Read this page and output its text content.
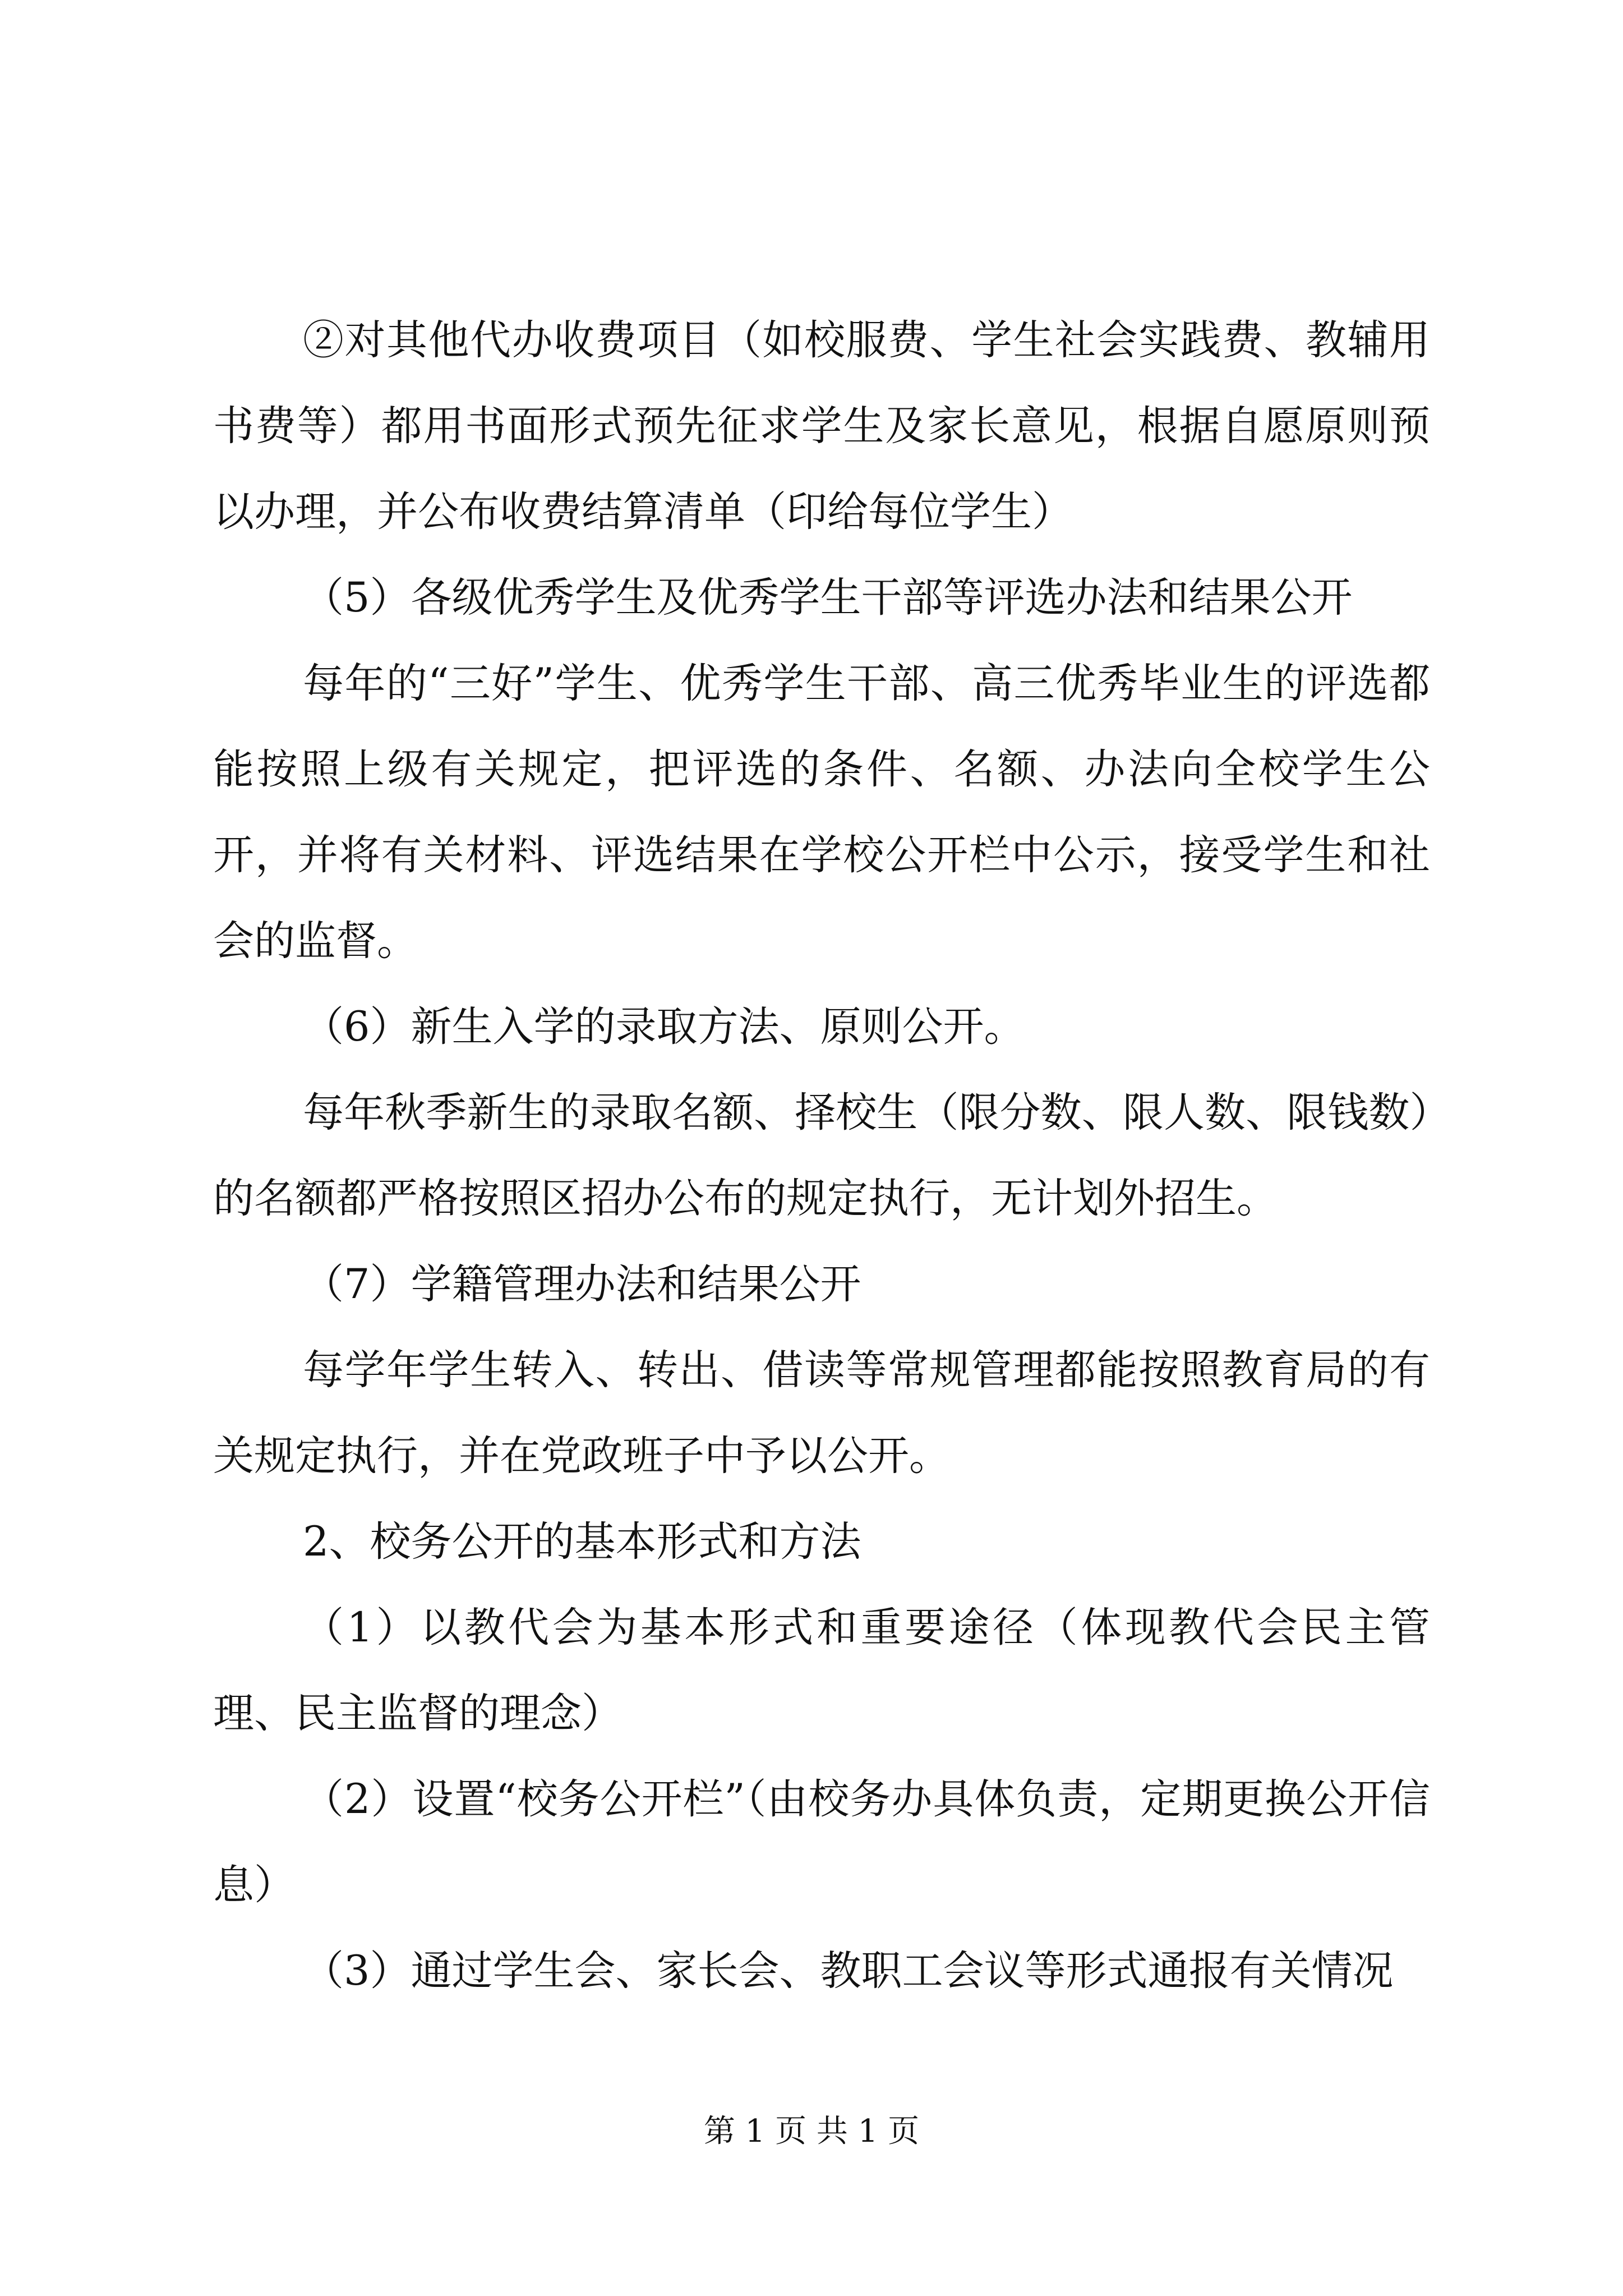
②对其他代办收费项目（如校服费、学生社会实践费、教辅用书费等）都用书面形式预先征求学生及家长意见，根据自愿原则预以办理，并公布收费结算清单（印给每位学生）

（5）各级优秀学生及优秀学生干部等评选办法和结果公开

每年的“三好”学生、优秀学生干部、高三优秀毕业生的评选都能按照上级有关规定，把评选的条件、名额、办法向全校学生公开，并将有关材料、评选结果在学校公开栏中公示，接受学生和社会的监督。

（6）新生入学的录取方法、原则公开。

每年秋季新生的录取名额、择校生（限分数、限人数、限钱数）的名额都严格按照区招办公布的规定执行，无计划外招生。

（7）学籍管理办法和结果公开

每学年学生转入、转出、借读等常规管理都能按照教育局的有关规定执行，并在党政班子中予以公开。

2、校务公开的基本形式和方法

（1）以教代会为基本形式和重要途径（体现教代会民主管理、民主监督的理念）

（2）设置“校务公开栏”（由校务办具体负责，定期更换公开信息）

（3）通过学生会、家长会、教职工会议等形式通报有关情况

第 1 页 共 1 页
